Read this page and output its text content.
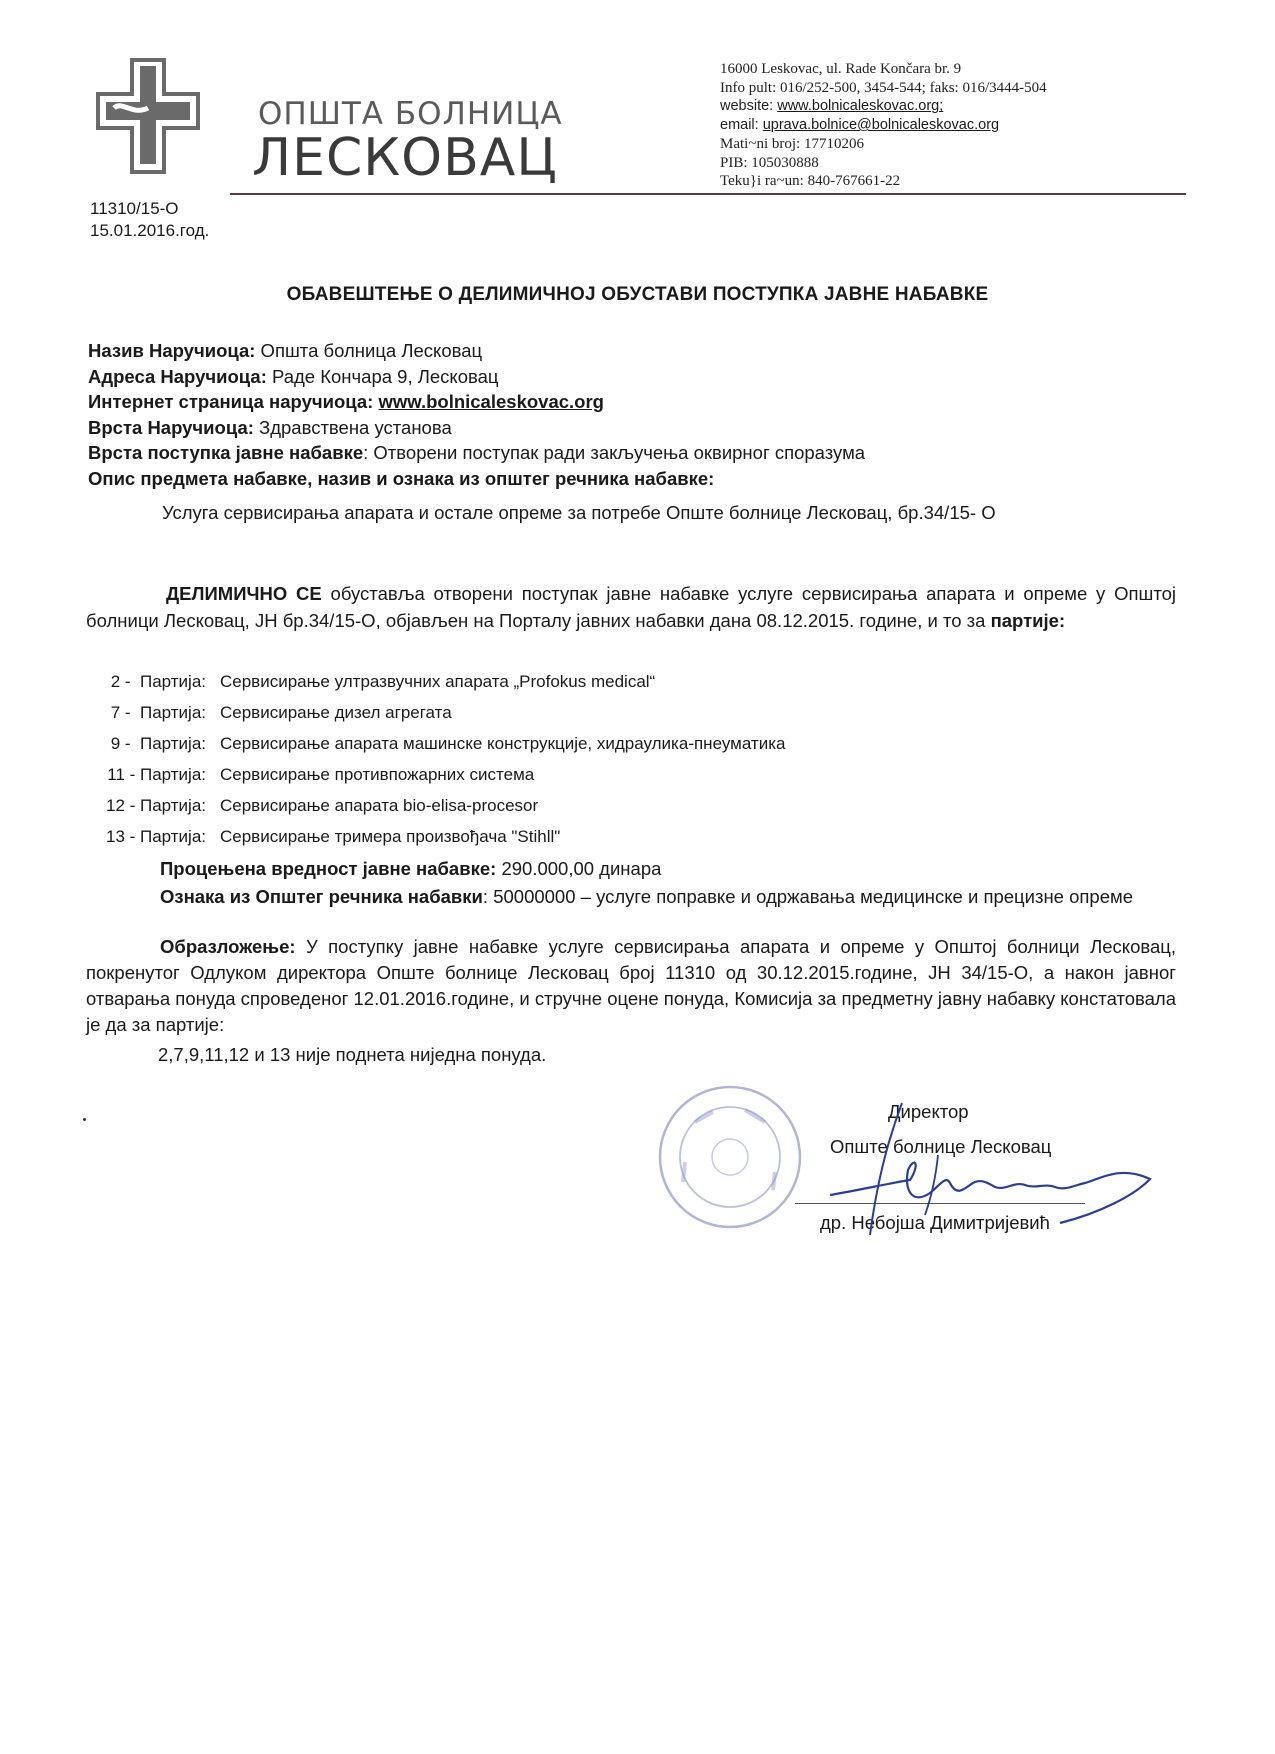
ОПШТА БОЛНИЦА
ЛЕСКОВАЦ
16000 Leskovac, ul. Rade Končara br. 9
Info pult: 016/252-500, 3454-544; faks: 016/3444-504
website: www.bolnicaleskovac.org;
email: uprava.bolnice@bolnicaleskovac.org
Mati~ni broj: 17710206
PIB: 105030888
Teku}i ra~un: 840-767661-22
11310/15-О
15.01.2016.год.
ОБАВЕШТЕЊЕ О ДЕЛИМИЧНОЈ ОБУСТАВИ ПОСТУПКА ЈАВНЕ НАБАВКЕ
Назив Наручиоца: Општа болница Лесковац
Адреса Наручиоца: Раде Кончара 9, Лесковац
Интернет страница наручиоца: www.bolnicaleskovac.org
Врста Наручиоца: Здравствена установа
Врста поступка јавне набавке: Отворени поступак ради закључења оквирног споразума
Опис предмета набавке, назив и ознака из општег речника набавке:
Услуга сервисирања апарата и остале опреме за потребе Опште болнице Лесковац, бр.34/15- О
ДЕЛИМИЧНО СЕ обуставља отворени поступак јавне набавке услуге сервисирања апарата и опреме у Општој болници Лесковац, ЈН бр.34/15-О, објављен на Порталу јавних набавки дана 08.12.2015. године, и то за партије:
2 -  Партија: Сервисирање ултразвучних апарата „Profokus medical“
7 -  Партија: Сервисирање дизел агрегата
9 -  Партија: Сервисирање апарата машинске конструкције, хидраулика-пнеуматика
11 - Партија: Сервисирање противпожарних система
12 - Партија: Сервисирање апарата bio-elisa-procesor
13 - Партија: Сервисирање тримера произвођача "Stihll"
Процењена вредност јавне набавке: 290.000,00 динара
Ознака из Општег речника набавки: 50000000 – услуге поправке и одржавања медицинске и прецизне опреме
Образложење: У поступку јавне набавке услуге сервисирања апарата и опреме у Општој болници Лесковац, покренутог Одлуком директора Опште болнице Лесковац број 11310 од 30.12.2015.године, ЈН 34/15-О, а након јавног отварања понуда спроведеног 12.01.2016.године, и стручне оцене понуда, Комисија за предметну јавну набавку констатовала је да за партије:
2,7,9,11,12 и 13 није поднета ниједна понуда.
Директор
Опште болнице Лесковац
др. Небојша Димитријевић
